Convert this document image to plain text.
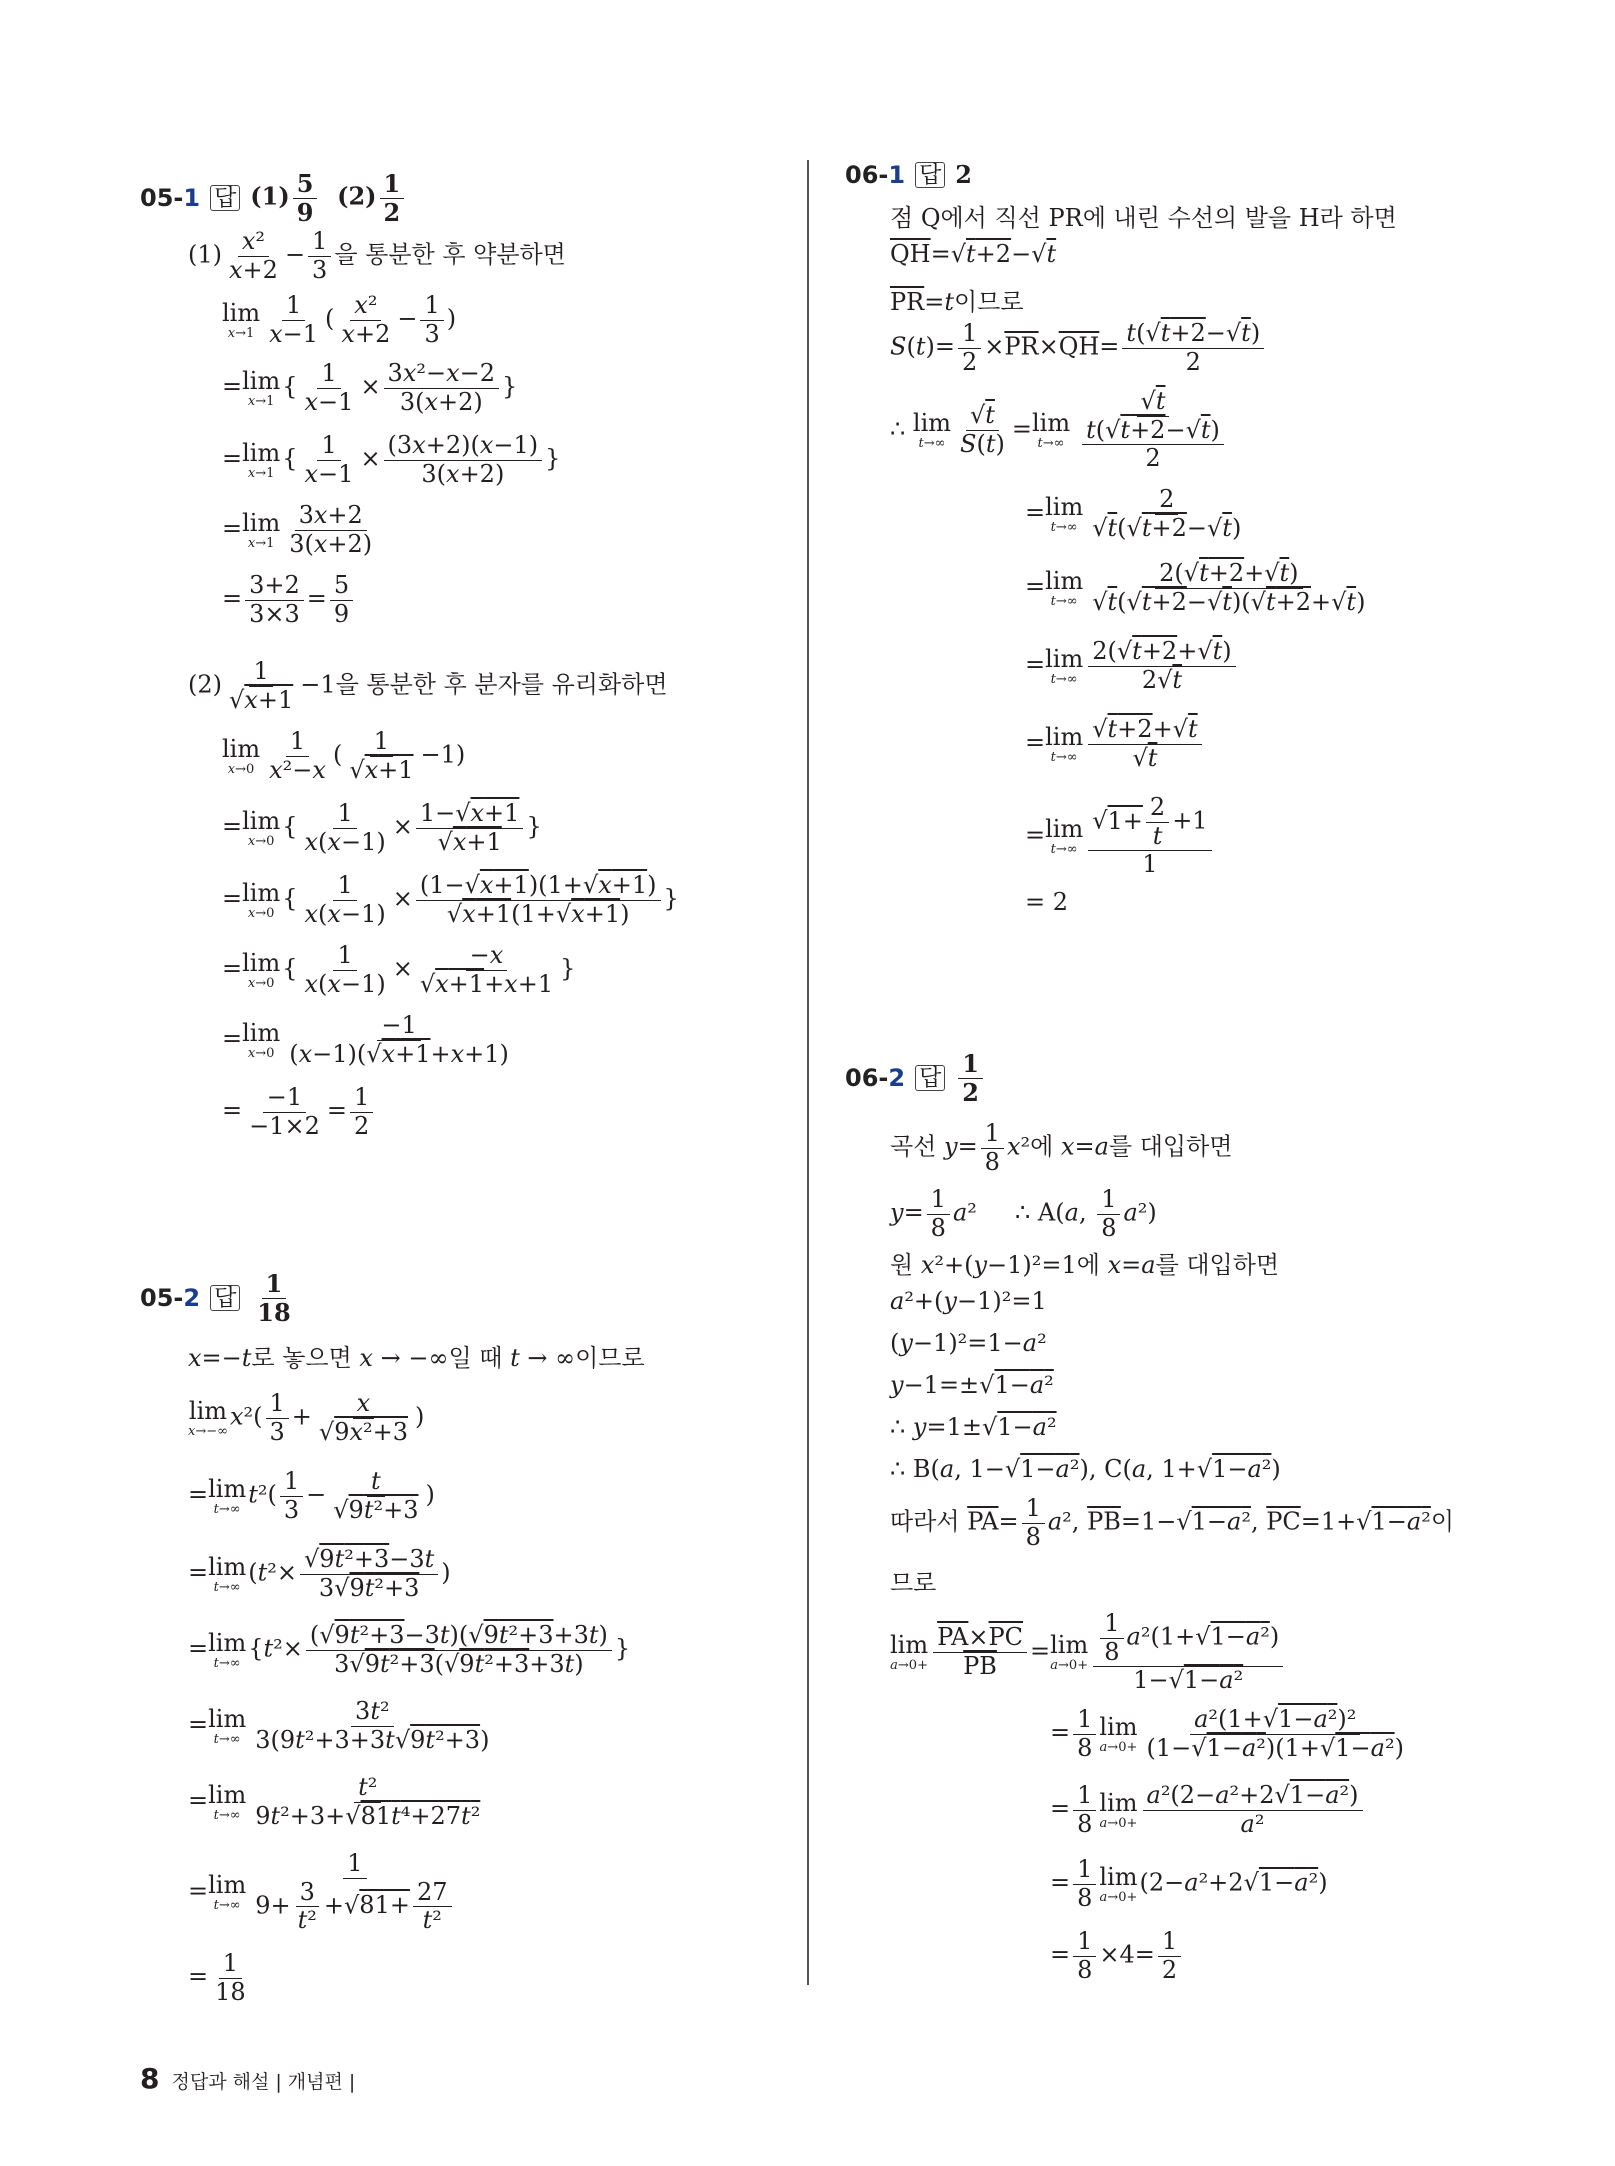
05-1 답 $(1) \frac{5}{9} (2) \frac{1}{2}$
$(1) \frac{\text{x²}}{x+2} - \frac{1}{3}$ 을 통분한 후 약분하면
lim
$x\to 1 \frac{1}{x-1}$ ( $\frac{\text{x²}}{x+2} - \frac{1}{3}$ )
=lim
x→1
{ $\frac{1}{x-1} \times \frac{\text{3x²−x−2}}{3(x+2)}$ }
=lim
x→1
{ $\frac{1}{x-1} \times \frac{(3x+2)(x-1)}{3(x+2)}$ }
=lim
$x\to 1 \frac{3x+2}{3(x+2)}$
= $\frac{3+2}{3\times 3} = \frac{5}{9}$
$(2) \frac{1}{√x+1} -1$을 통분한 후 분자를 유리화하면
lim
$x\to 0 \frac{1}{\text{x²−x}}$ ( $\frac{1}{√x+1} -1$)
=lim
x→0
{ $\frac{1}{x(x-1)} \times \frac{1-√x+1}{√x+1}$ }
=lim
x→0
{ $\frac{1}{x(x-1)} \times \frac{(1-√x+1)(1+√x+1)}{√x+1(1+√x+1)}$ }
=lim
x→0
{ $\frac{1}{x(x-1)} \times \frac{-x}{√x+1+x+1}$ }
=lim
$x\to 0 \frac{-1}{(x-1)(√x+1+x+1)}$
= $\frac{-1}{-1\times 2} = \frac{1}{2}$
05-2 답 $\frac{1}{18}$
x=−t로 놓으면 x → −∞일 때 t → ∞이므로
lim
x→−∞
$x^2( \frac{1}{3} + \frac{x}{\text{√9x²+3}}$ )
=lim
t→∞
$t^2( \frac{1}{3} - \frac{t}{\text{√9t²+3}}$ )
=lim
t→∞
($t^2\times \frac{\text{√9t²+3−3t}}{\text{3√9t²+3}}$ )
=lim
t→∞
{$t^2\times \frac{\text{(√9t²+3−3t)(√9t²+3+3t)}}{\text{3√9t²+3(√9t²+3+3t)}}$ }
=lim
$t\to\infty \frac{\text{3t²}}{\text{3(9t²+3+3t√9t²+3)}}$
=lim
$t\to\infty \frac{\text{t²}}{\text{9t²+3+√81t⁴+27t²}}$
=lim
$t\to\infty \frac{1}{9+ \frac{3}{\text{t²}} +√81+ \frac{27}{\text{t²}}}$
= $\frac{1}{18}$
06-1 답 2
점 Q에서 직선 PR에 내린 수선의 발을 H라 하면
$\overline{QH}=√t+2-√t$
$\overline{PR}=t$이므로
$S(t)= \frac{1}{2} \times\overline{PR}\times\overline{QH}= \frac{t(√t+2-√t)}{2}$
∴ lim
$t\to\infty \frac{√t}{S(t)} =\lim$
$t\to\infty \frac{√t}{\frac{t(√t+2-√t)}{2}}$
=lim
$t\to\infty \frac{2}{√t(√t+2-√t)}$
=lim
$t\to\infty \frac{2(√t+2+√t)}{√t(√t+2-√t)(√t+2+√t)}$
=lim
$t\to\infty \frac{2(√t+2+√t)}{2√t}$
=lim
$t\to\infty \frac{√t+2+√t}{√t}$
=lim
$t\to\infty \frac{√1+ \frac{2}{t} +1}{1}$
= 2
06-2 답 $\frac{1}{2}$
곡선 $y= \frac{1}{8} x^2$에 x=a를 대입하면
$y= \frac{1}{8} a^2$     ∴ A(a, $\frac{1}{8} a^2$)
원 x²+(y−1)²=1에 x=a를 대입하면
a²+(y−1)²=1
(y−1)²=1−a²
y−1=±√1−a²
∴ y=1±√1−a²
∴ B(a, 1−√1−a²), C(a, 1+√1−a²)
따라서 $\overline{PA}= \frac{1}{8} a^2$, $\overline{PB}=1-√1-a^2$, $\overline{PC}=1+√1-a^2$이
므로
lim
$a\to 0+ \frac{\overline{PA}\times\overline{PC}}{PB} =\lim$
$a\to 0+ \frac{\frac{1}{8} a^2(1+√1-a^2)}{\text{1−√1−a²}}$
= $\frac{1}{8}$ lim
$a\to 0+ \frac{\text{a²(1+√1−a²)²}}{\text{(1−√1−a²)(1+√1−a²)}}$
= $\frac{1}{8}$ lim
$a\to 0+ \frac{\text{a²(2−a²+2√1−a²)}}{\text{a²}}$
= $\frac{1}{8}$ lim
a→0+
(2−a²+2√1−a²)
= $\frac{1}{8} \times 4= \frac{1}{2}$
8 정답과 해설 | 개념편 |
